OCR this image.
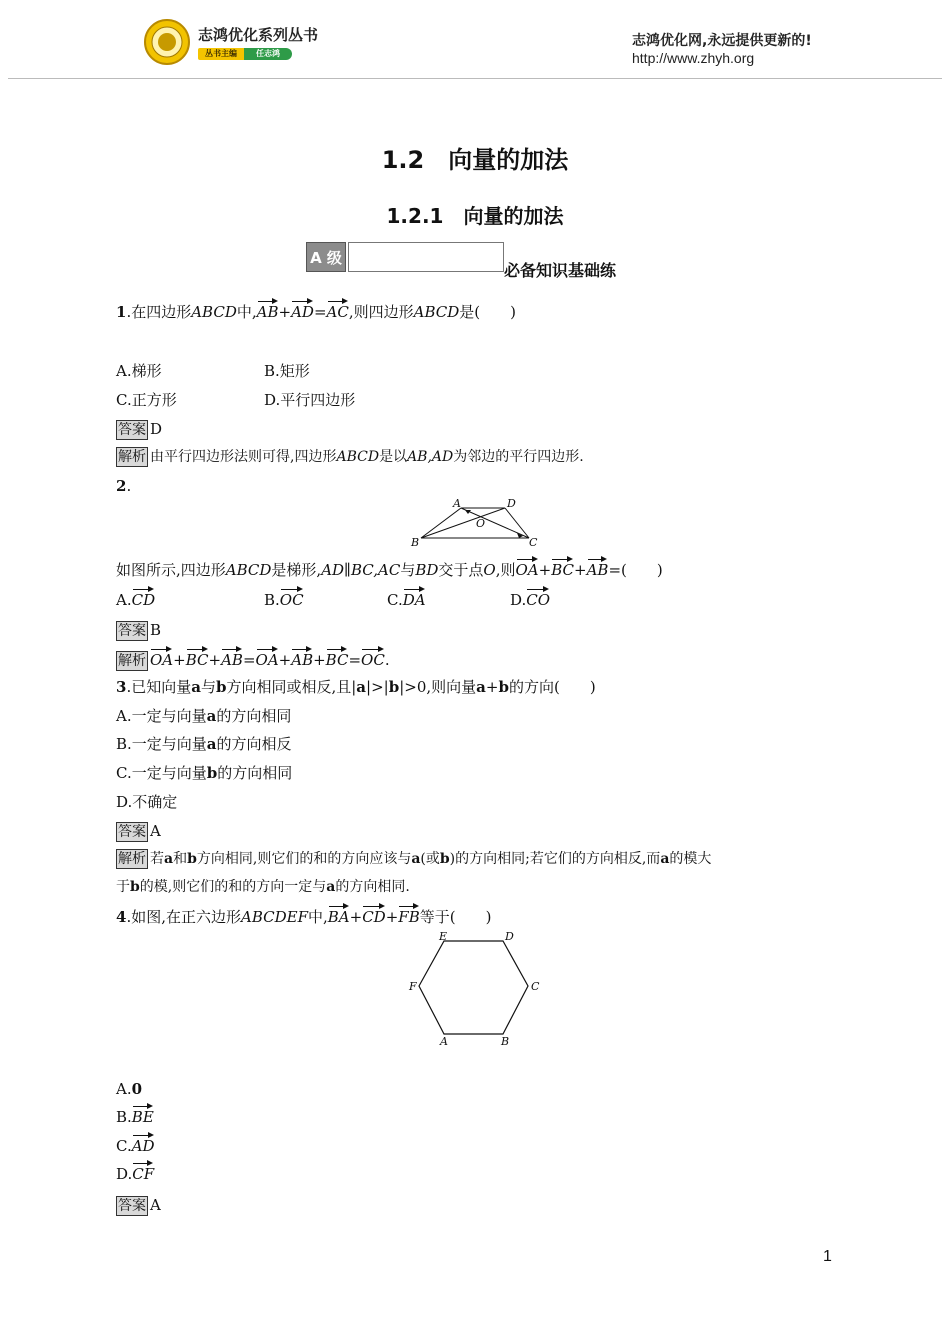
志鸿优化系列丛书
丛书主编	任志鸿
志鸿优化网,永远提供更新的!
http://www.zhyh.org
1.2　向量的加法
1.2.1　向量的加法
A 级
必备知识基础练
1.在四边形ABCD中,AB+AD=AC,则四边形ABCD是(　　)
A.梯形	B.矩形
C.正方形	D.平行四边形
答案 D
解析 由平行四边形法则可得,四边形ABCD是以AB,AD为邻边的平行四边形.
2.
A	D
O
B	C
如图所示,四边形ABCD是梯形,AD∥BC,AC与BD交于点O,则OA+BC+AB=(　　)
A.CD	B.OC	C.DA	D.CO
答案 B
解析 OA+BC+AB=OA+AB+BC=OC.
3.已知向量a与b方向相同或相反,且|a|>|b|>0,则向量a+b的方向(　　)
A.一定与向量a的方向相同
B.一定与向量a的方向相反
C.一定与向量b的方向相同
D.不确定
答案 A
解析 若a和b方向相同,则它们的和的方向应该与a(或b)的方向相同;若它们的方向相反,而a的模大
于b的模,则它们的和的方向一定与a的方向相同.
4.如图,在正六边形ABCDEF中,BA+CD+FB等于(　　)
E	D
F	C
A	B
A.0
B.BE
C.AD
D.CF
答案 A
1
